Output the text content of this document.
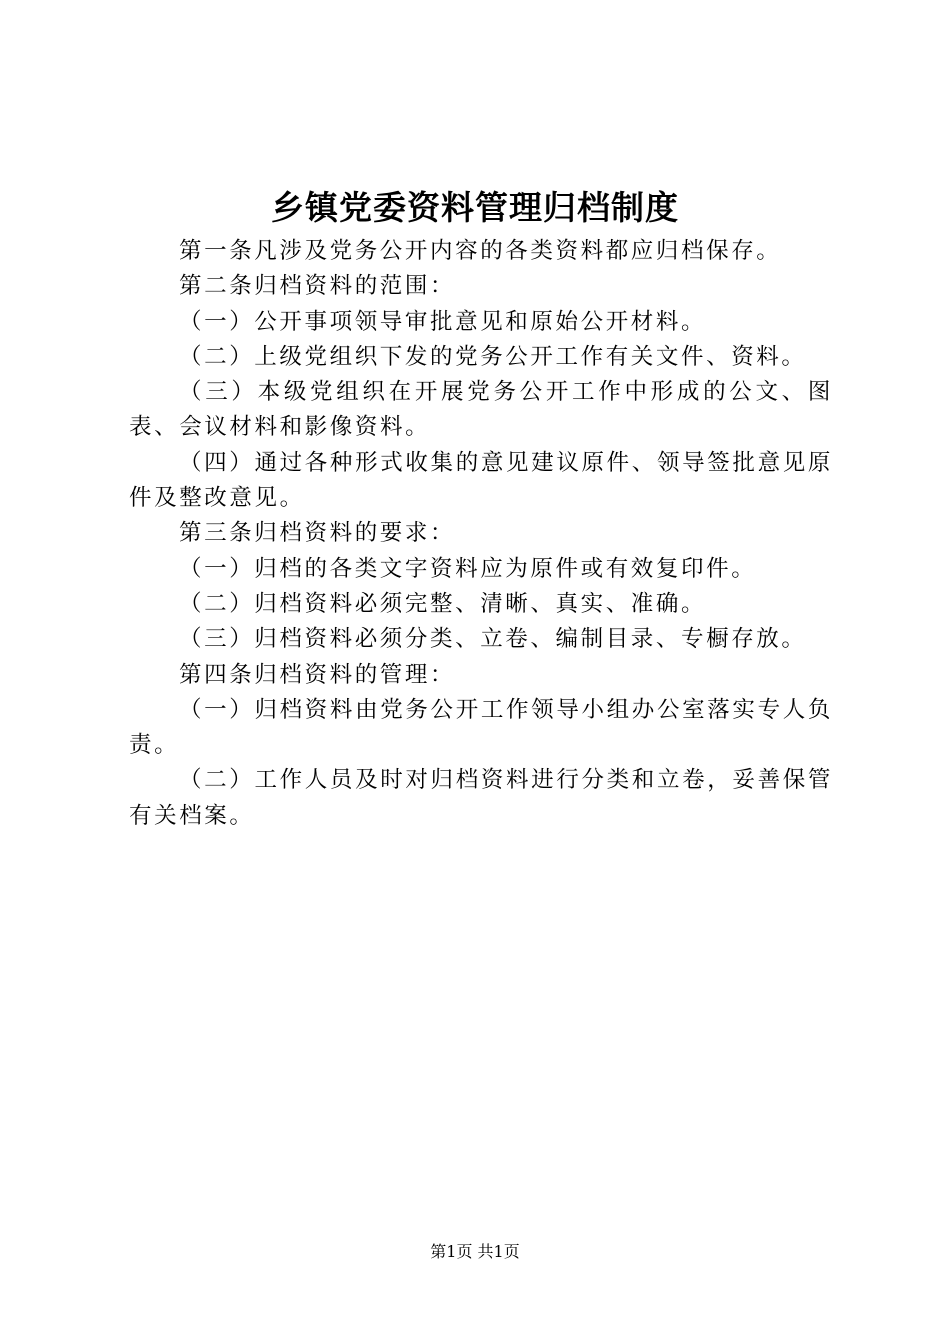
乡镇党委资料管理归档制度

第一条凡涉及党务公开内容的各类资料都应归档保存。

第二条归档资料的范围：

（一）公开事项领导审批意见和原始公开材料。

（二）上级党组织下发的党务公开工作有关文件、资料。

（三）本级党组织在开展党务公开工作中形成的公文、图表、会议材料和影像资料。

（四）通过各种形式收集的意见建议原件、领导签批意见原件及整改意见。

第三条归档资料的要求：

（一）归档的各类文字资料应为原件或有效复印件。

（二）归档资料必须完整、清晰、真实、准确。

（三）归档资料必须分类、立卷、编制目录、专橱存放。

第四条归档资料的管理：

（一）归档资料由党务公开工作领导小组办公室落实专人负责。

（二）工作人员及时对归档资料进行分类和立卷，妥善保管有关档案。

第1页 共1页
